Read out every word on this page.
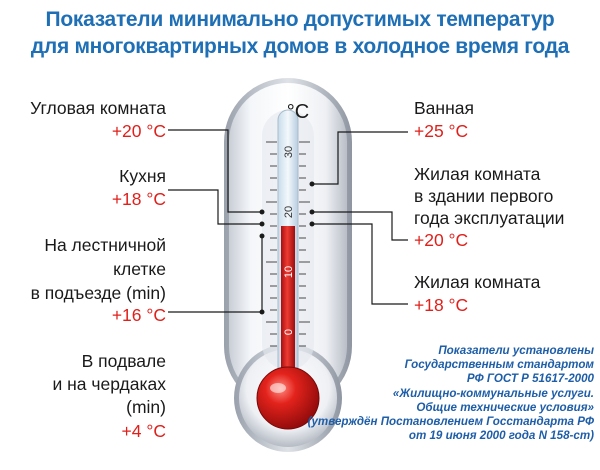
Показатели минимально допустимых температур
для многоквартирных домов в холодное время года
30
20
10
0
°C
Угловая комната
+20 °C
Кухня
+18 °C
На лестничной
клетке
в подъезде (min)
+16 °C
В подвале
и на чердаках
(min)
+4 °C
Ванная
+25 °C
Жилая комната
в здании первого
года эксплуатации
+20 °C
Жилая комната
+18 °C
Показатели установлены
Государственным стандартом
РФ ГОСТ Р 51617-2000
«Жилищно-коммунальные услуги.
Общие технические условия»
(утверждён Постановлением Госстандарта РФ
от 19 июня 2000 года N 158-ст)
